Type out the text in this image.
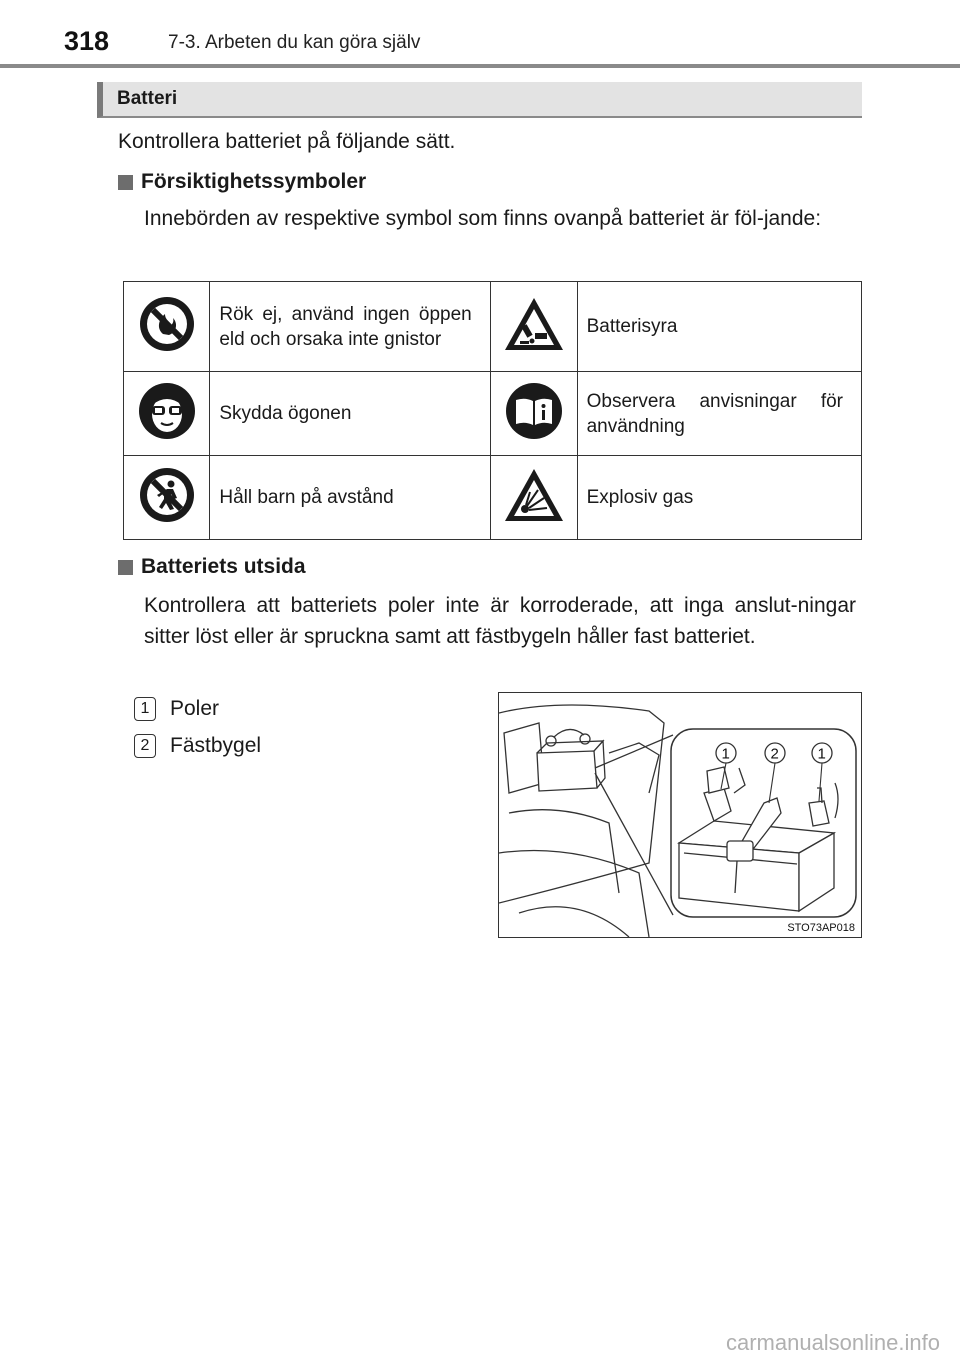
318	7-3. Arbeten du kan göra själv
Batteri
Kontrollera batteriet på följande sätt.
Försiktighetssymboler
Innebörden av respektive symbol som finns ovanpå batteriet är föl-jande:
	Rök ej, använd ingen öppen eld och orsaka inte gnistor		Batterisyra
	Skydda ögonen		Observera anvisningar för användning
	Håll barn på avstånd		Explosiv gas
Batteriets utsida
Kontrollera att batteriets poler inte är korroderade, att inga anslut-ningar sitter löst eller är spruckna samt att fästbygeln håller fast batteriet.
1 Poler
2 Fästbygel	1	2	1
STO73AP018
carmanualsonline.info
